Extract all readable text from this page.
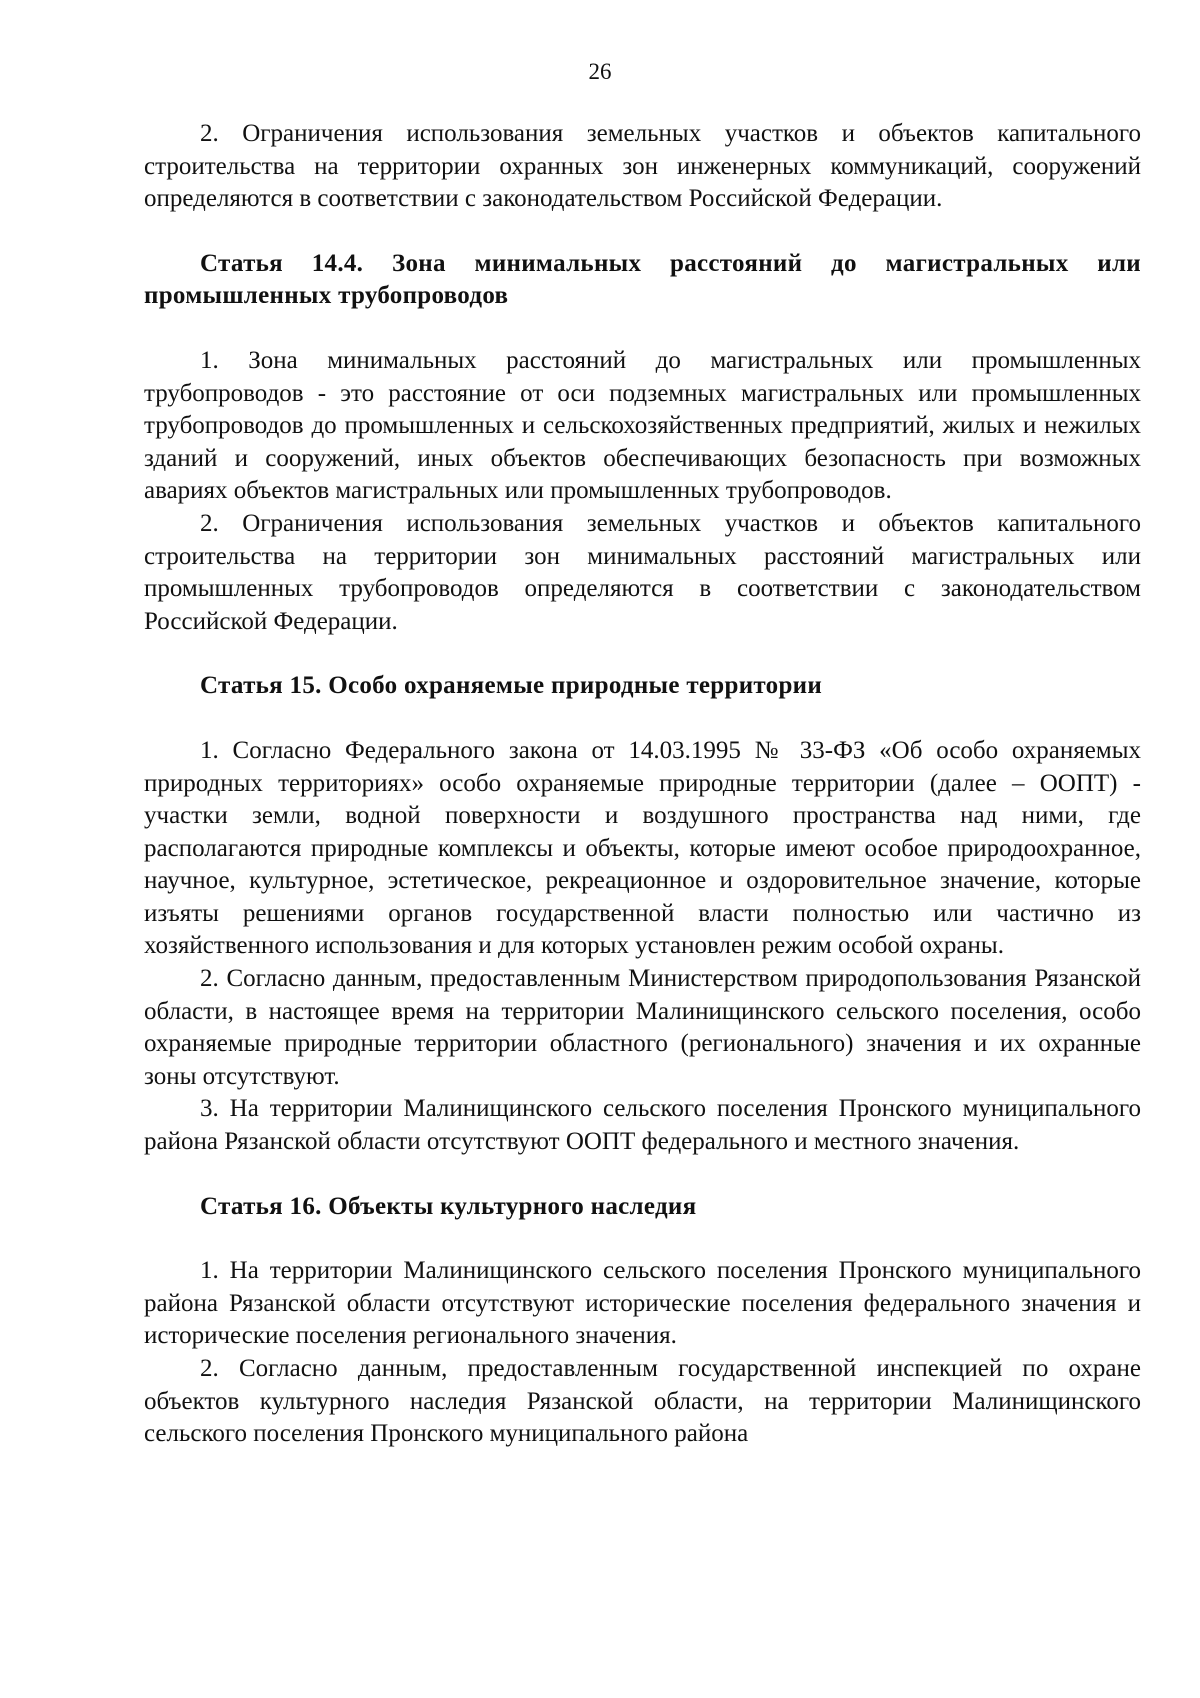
26

2. Ограничения использования земельных участков и объектов капитального строительства на территории охранных зон инженерных коммуникаций, сооружений определяются в соответствии с законодательством Российской Федерации.

Статья 14.4. Зона минимальных расстояний до магистральных или промышленных трубопроводов

1. Зона минимальных расстояний до магистральных или промышленных трубопроводов - это расстояние от оси подземных магистральных или промышленных трубопроводов до промышленных и сельскохозяйственных предприятий, жилых и нежилых зданий и сооружений, иных объектов обеспечивающих безопасность при возможных авариях объектов магистральных или промышленных трубопроводов.

2. Ограничения использования земельных участков и объектов капитального строительства на территории зон минимальных расстояний магистральных или промышленных трубопроводов определяются в соответствии с законодательством Российской Федерации.

Статья 15. Особо охраняемые природные территории

1. Согласно Федерального закона от 14.03.1995 № 33-ФЗ «Об особо охраняемых природных территориях» особо охраняемые природные территории (далее – ООПТ) - участки земли, водной поверхности и воздушного пространства над ними, где располагаются природные комплексы и объекты, которые имеют особое природоохранное, научное, культурное, эстетическое, рекреационное и оздоровительное значение, которые изъяты решениями органов государственной власти полностью или частично из хозяйственного использования и для которых установлен режим особой охраны.

2. Согласно данным, предоставленным Министерством природопользования Рязанской области, в настоящее время на территории Малинищинского сельского поселения, особо охраняемые природные территории областного (регионального) значения и их охранные зоны отсутствуют.

3. На территории Малинищинского сельского поселения Пронского муниципального района Рязанской области отсутствуют ООПТ федерального и местного значения.

Статья 16. Объекты культурного наследия

1. На территории Малинищинского сельского поселения Пронского муниципального района Рязанской области отсутствуют исторические поселения федерального значения и исторические поселения регионального значения.

2. Согласно данным, предоставленным государственной инспекцией по охране объектов культурного наследия Рязанской области, на территории Малинищинского сельского поселения Пронского муниципального района
